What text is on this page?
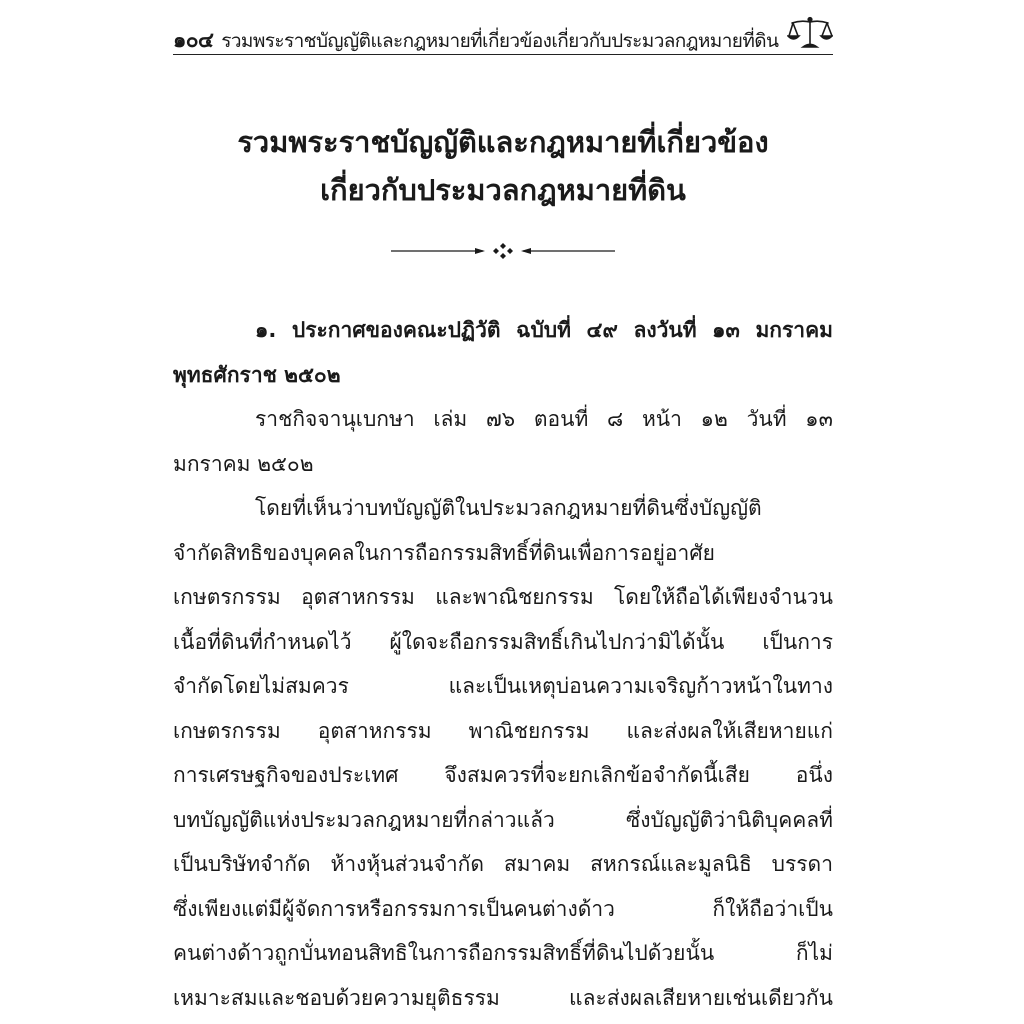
๑๐๔ รวมพระราชบัญญัติและกฎหมายที่เกี่ยวข้องเกี่ยวกับประมวลกฎหมายที่ดิน
รวมพระราชบัญญัติและกฎหมายที่เกี่ยวข้อง
เกี่ยวกับประมวลกฎหมายที่ดิน

๑. ประกาศของคณะปฏิวัติ ฉบับที่ ๔๙ ลงวันที่ ๑๓ มกราคม
พุทธศักราช ๒๕๐๒

ราชกิจจานุเบกษา เล่ม ๗๖ ตอนที่ ๘ หน้า ๑๒ วันที่ ๑๓
มกราคม ๒๕๐๒

โดยที่เห็นว่าบทบัญญัติในประมวลกฎหมายที่ดินซึ่งบัญญัติ
จำกัดสิทธิของบุคคลในการถือกรรมสิทธิ์ที่ดินเพื่อการอยู่อาศัย
เกษตรกรรม อุตสาหกรรม และพาณิชยกรรม โดยให้ถือได้เพียงจำนวน
เนื้อที่ดินที่กำหนดไว้ ผู้ใดจะถือกรรมสิทธิ์เกินไปกว่ามิได้นั้น เป็นการ
จำกัดโดยไม่สมควร และเป็นเหตุบ่อนความเจริญก้าวหน้าในทาง
เกษตรกรรม อุตสาหกรรม พาณิชยกรรม และส่งผลให้เสียหายแก่
การเศรษฐกิจของประเทศ จึงสมควรที่จะยกเลิกข้อจำกัดนี้เสีย อนึ่ง
บทบัญญัติแห่งประมวลกฎหมายที่กล่าวแล้ว ซึ่งบัญญัติว่านิติบุคคลที่
เป็นบริษัทจำกัด ห้างหุ้นส่วนจำกัด สมาคม สหกรณ์และมูลนิธิ บรรดา
ซึ่งเพียงแต่มีผู้จัดการหรือกรรมการเป็นคนต่างด้าว ก็ให้ถือว่าเป็น
คนต่างด้าวถูกบั่นทอนสิทธิในการถือกรรมสิทธิ์ที่ดินไปด้วยนั้น ก็ไม่
เหมาะสมและชอบด้วยความยุติธรรม และส่งผลเสียหายเช่นเดียวกัน
